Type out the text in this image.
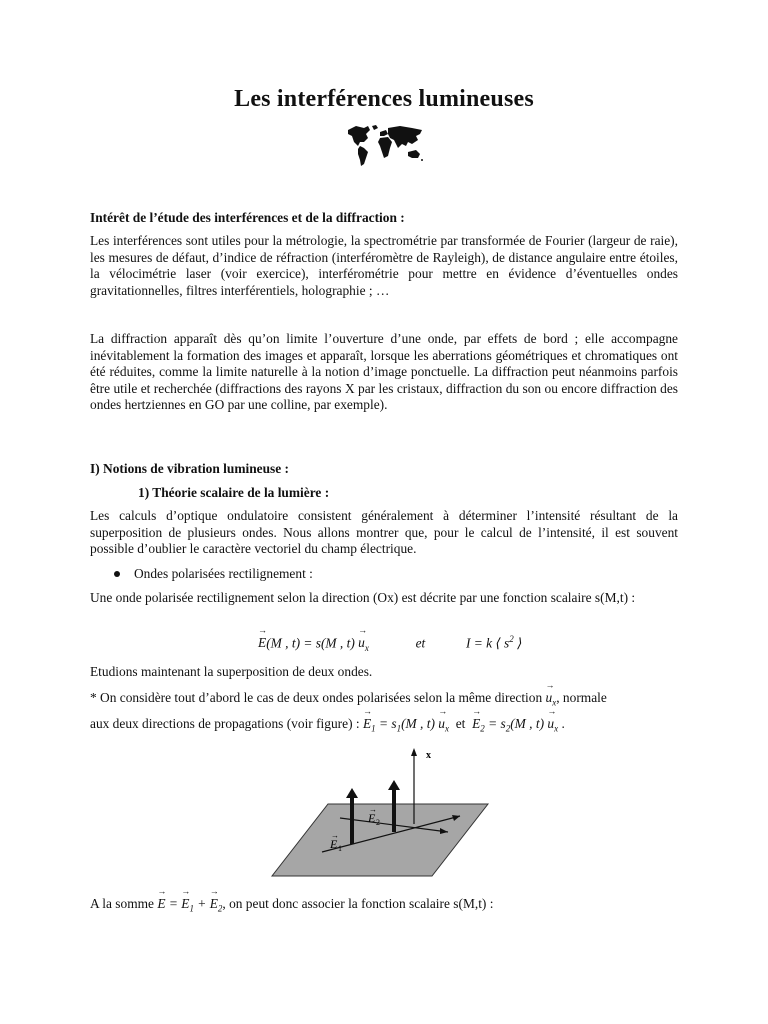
Les interférences lumineuses
Intérêt de l’étude des interférences et de la diffraction :
Les interférences sont utiles pour la métrologie, la spectrométrie par transformée de Fourier (largeur de raie), les mesures de défaut, d’indice de réfraction (interféromètre de Rayleigh), de distance angulaire entre étoiles, la vélocimétrie laser (voir exercice), interférométrie pour mettre en évidence d’éventuelles ondes gravitationnelles, filtres interférentiels, holographie ; …
La diffraction apparaît dès qu’on limite l’ouverture d’une onde, par effets de bord ; elle accompagne inévitablement la formation des images et apparaît, lorsque les aberrations géométriques et chromatiques ont été réduites, comme la limite naturelle à la notion d’image ponctuelle. La diffraction peut néanmoins parfois être utile et recherchée (diffractions des rayons X par les cristaux, diffraction du son ou encore diffraction des ondes hertziennes en GO par une colline, par exemple).
I) Notions de vibration lumineuse :
1) Théorie scalaire de la lumière :
Les calculs d’optique ondulatoire consistent généralement à déterminer l’intensité résultant de la superposition de plusieurs ondes. Nous allons montrer que, pour le calcul de l’intensité, il est souvent possible d’oublier le caractère vectoriel du champ électrique.
Ondes polarisées rectilignement :
Une onde polarisée rectilignement selon la direction (Ox) est décrite par une fonction scalaire s(M,t) :
→ E(M , t) = s(M , $t) \to u_x$	et	I = k ⟨ $s^2$ ⟩
Etudions maintenant la superposition de deux ondes.
* On considère tout d’abord le cas de deux ondes polarisées selon la même direction → $u_x$, normale
aux deux directions de propagations (voir figure) : → $E_1 = s_1(M$ , $t) \to u_x$ et → $E_2 = s_2(M$ , $t) \to u_x$ .
x
E 2
→
E 1
→
A la somme → E = → $E_1$ + → $E_2$, on peut donc associer la fonction scalaire s(M,t) :
